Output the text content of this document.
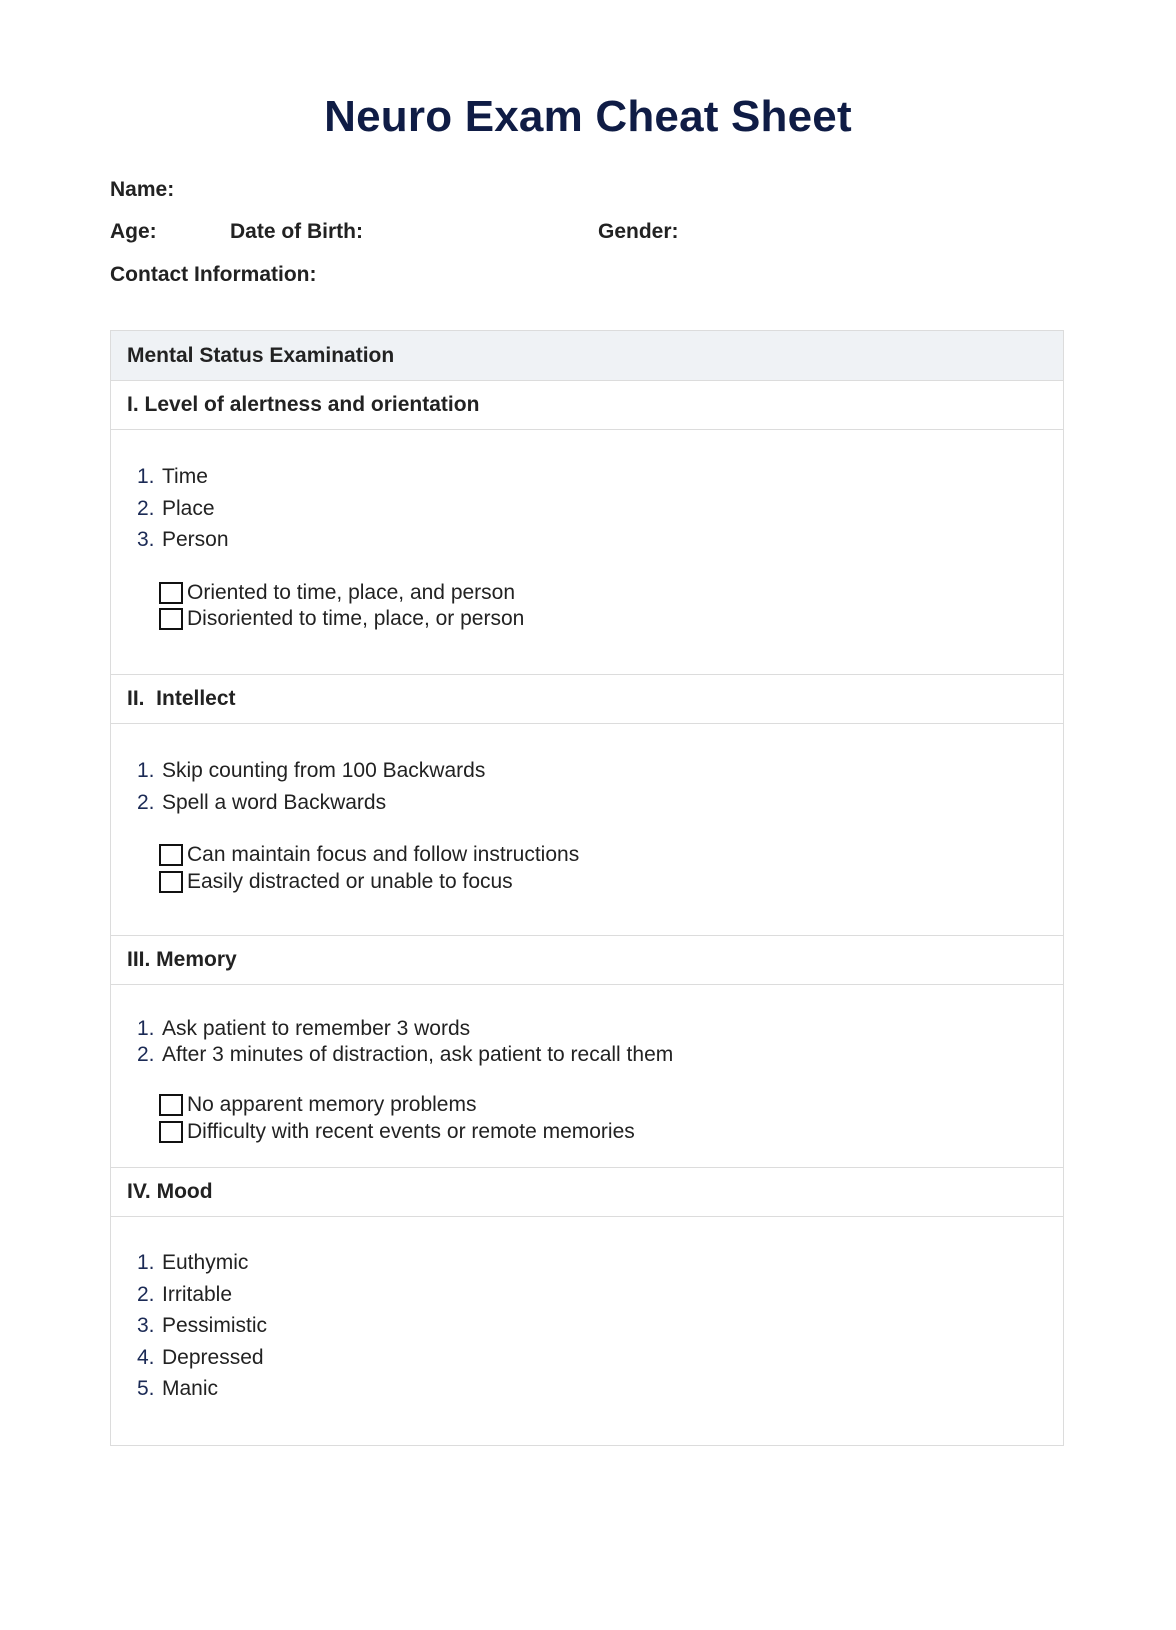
Neuro Exam Cheat Sheet
Name:
Age:	Date of Birth:	Gender:
Contact Information:
Mental Status Examination
I. Level of alertness and orientation
1. Time
2. Place
3. Person
Oriented to time, place, and person
Disoriented to time, place, or person
II.  Intellect
1. Skip counting from 100 Backwards
2. Spell a word Backwards
Can maintain focus and follow instructions
Easily distracted or unable to focus
III. Memory
1. Ask patient to remember 3 words
2. After 3 minutes of distraction, ask patient to recall them
No apparent memory problems
Difficulty with recent events or remote memories
IV. Mood
1. Euthymic
2. Irritable
3. Pessimistic
4. Depressed
5. Manic
